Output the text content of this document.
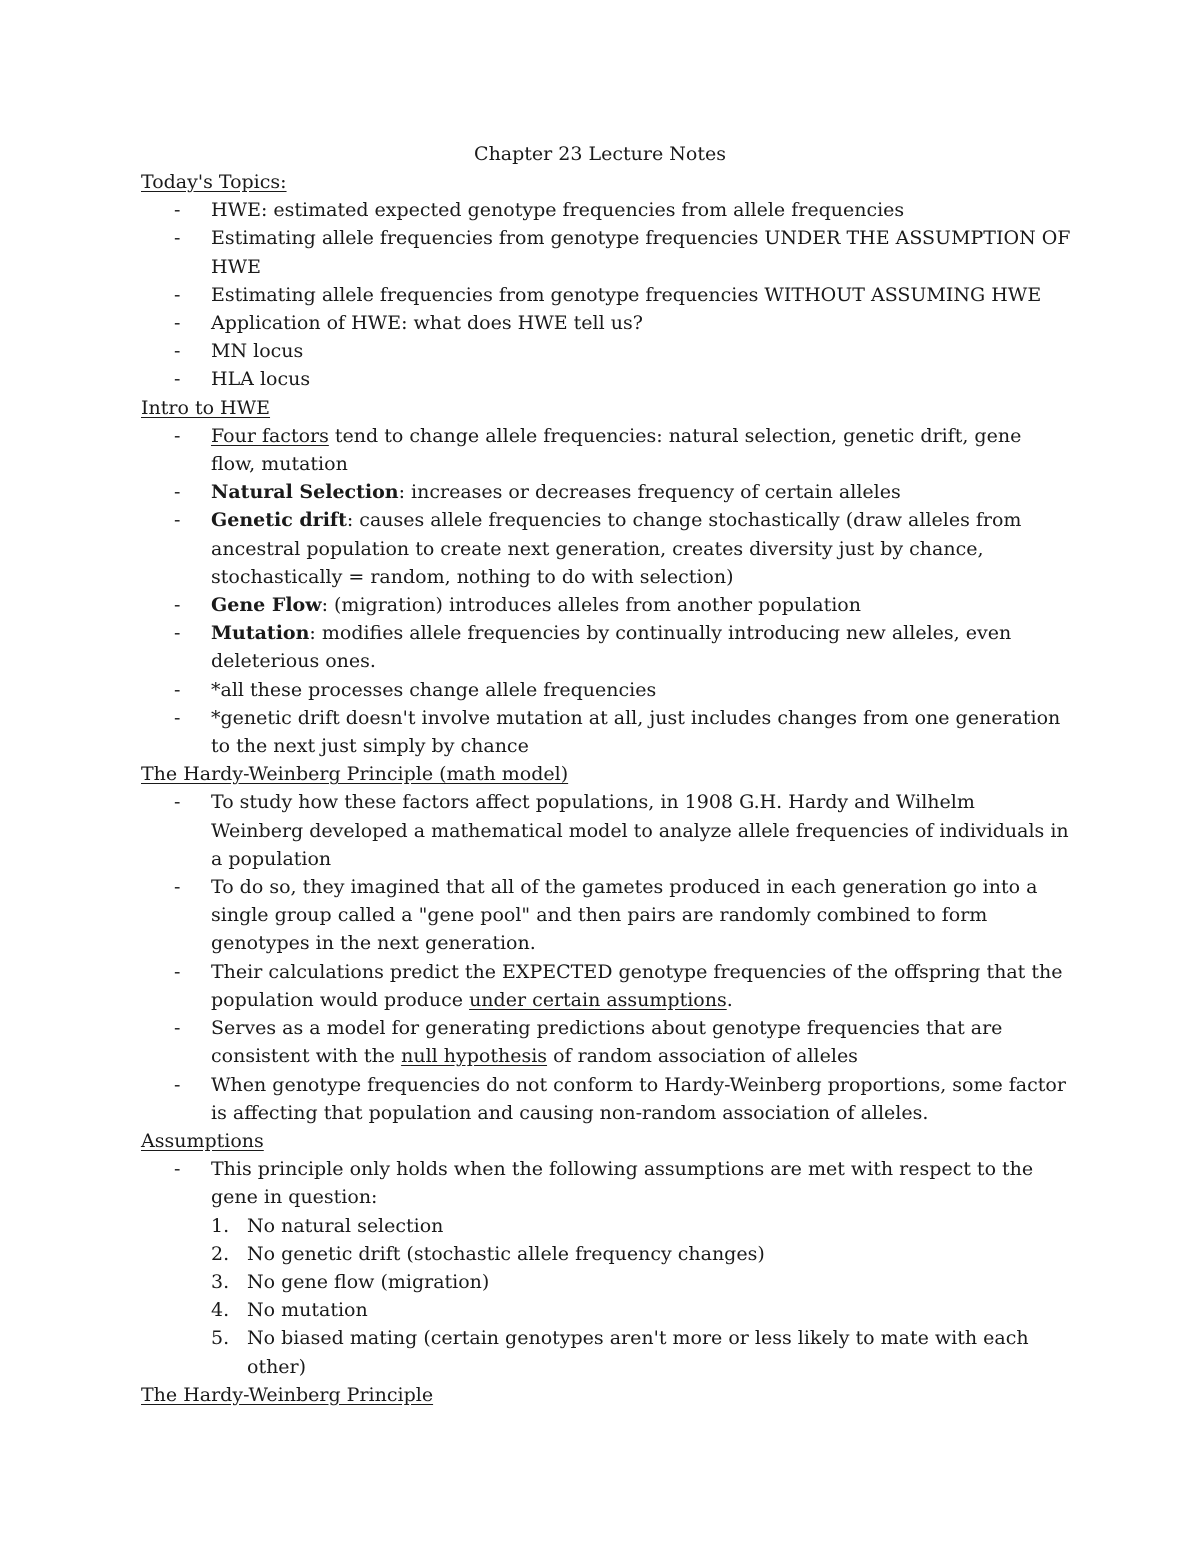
Chapter 23 Lecture Notes
Today's Topics:
- HWE: estimated expected genotype frequencies from allele frequencies
- Estimating allele frequencies from genotype frequencies UNDER THE ASSUMPTION OF HWE
- Estimating allele frequencies from genotype frequencies WITHOUT ASSUMING HWE
- Application of HWE: what does HWE tell us?
- MN locus
- HLA locus
Intro to HWE
- Four factors tend to change allele frequencies: natural selection, genetic drift, gene flow, mutation
- Natural Selection: increases or decreases frequency of certain alleles
- Genetic drift: causes allele frequencies to change stochastically (draw alleles from ancestral population to create next generation, creates diversity just by chance, stochastically = random, nothing to do with selection)
- Gene Flow: (migration) introduces alleles from another population
- Mutation: modifies allele frequencies by continually introducing new alleles, even deleterious ones.
- *all these processes change allele frequencies
- *genetic drift doesn't involve mutation at all, just includes changes from one generation to the next just simply by chance
The Hardy-Weinberg Principle (math model)
- To study how these factors affect populations, in 1908 G.H. Hardy and Wilhelm Weinberg developed a mathematical model to analyze allele frequencies of individuals in a population
- To do so, they imagined that all of the gametes produced in each generation go into a single group called a "gene pool" and then pairs are randomly combined to form genotypes in the next generation.
- Their calculations predict the EXPECTED genotype frequencies of the offspring that the population would produce under certain assumptions.
- Serves as a model for generating predictions about genotype frequencies that are consistent with the null hypothesis of random association of alleles
- When genotype frequencies do not conform to Hardy-Weinberg proportions, some factor is affecting that population and causing non-random association of alleles.
Assumptions
- This principle only holds when the following assumptions are met with respect to the gene in question:
1. No natural selection
2. No genetic drift (stochastic allele frequency changes)
3. No gene flow (migration)
4. No mutation
5. No biased mating (certain genotypes aren't more or less likely to mate with each other)
The Hardy-Weinberg Principle
